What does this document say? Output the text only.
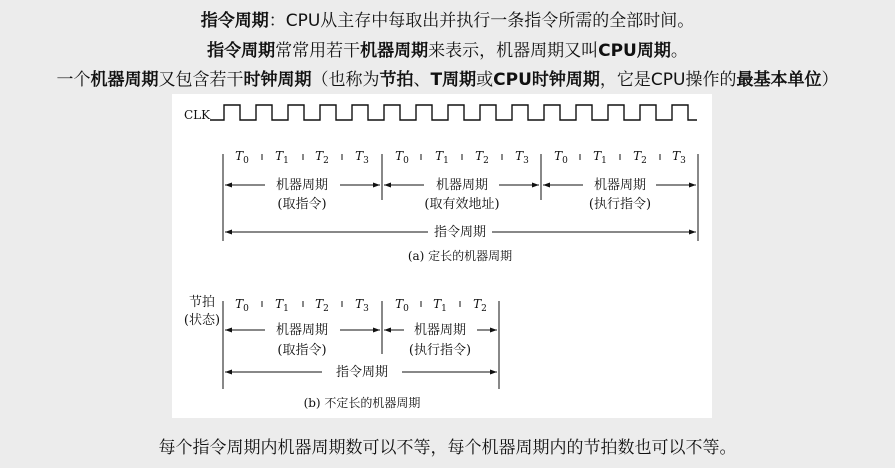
指令周期：CPU从主存中每取出并执行一条指令所需的全部时间。
指令周期常常用若干机器周期来表示，机器周期又叫CPU周期。
一个机器周期又包含若干时钟周期（也称为节拍、T周期或CPU时钟周期，它是CPU操作的最基本单位）
CLK
$T_0$ $T_1$ $T_2$ $T_3$ $T_0$ $T_1$ $T_2$ $T_3$ $T_0$ $T_1$ $T_2$ $T_3$
机器周期
(取指令)
机器周期
(取有效地址)
机器周期
(执行指令)
指令周期
(a) 定长的机器周期
节拍
(状态)
$T_0$ $T_1$ $T_2$ $T_3$ $T_0$ $T_1$ $T_2$
机器周期
(取指令)
机器周期
(执行指令)
指令周期
(b) 不定长的机器周期
每个指令周期内机器周期数可以不等，每个机器周期内的节拍数也可以不等。
